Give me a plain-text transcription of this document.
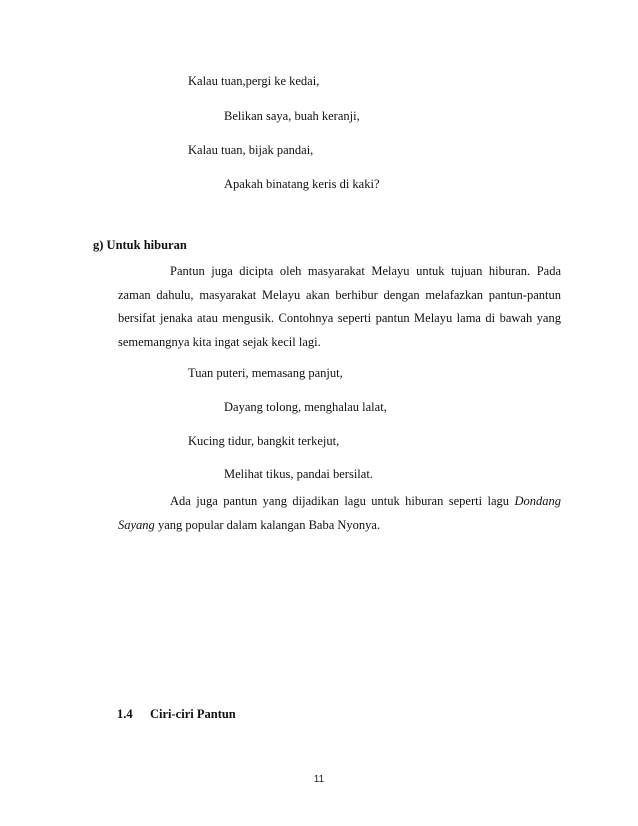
Kalau tuan,pergi ke kedai,
Belikan saya, buah keranji,
Kalau tuan, bijak pandai,
Apakah binatang keris di kaki?
g) Untuk hiburan
Pantun juga dicipta oleh masyarakat Melayu untuk tujuan hiburan. Pada zaman dahulu, masyarakat Melayu akan berhibur dengan melafazkan pantun-pantun bersifat jenaka atau mengusik. Contohnya seperti pantun Melayu lama di bawah yang sememangnya kita ingat sejak kecil lagi.
Tuan puteri, memasang panjut,
Dayang tolong, menghalau lalat,
Kucing tidur, bangkit terkejut,
Melihat tikus, pandai bersilat.
Ada juga pantun yang dijadikan lagu untuk hiburan seperti lagu Dondang Sayang yang popular dalam kalangan Baba Nyonya.
1.4 Ciri-ciri Pantun
11
